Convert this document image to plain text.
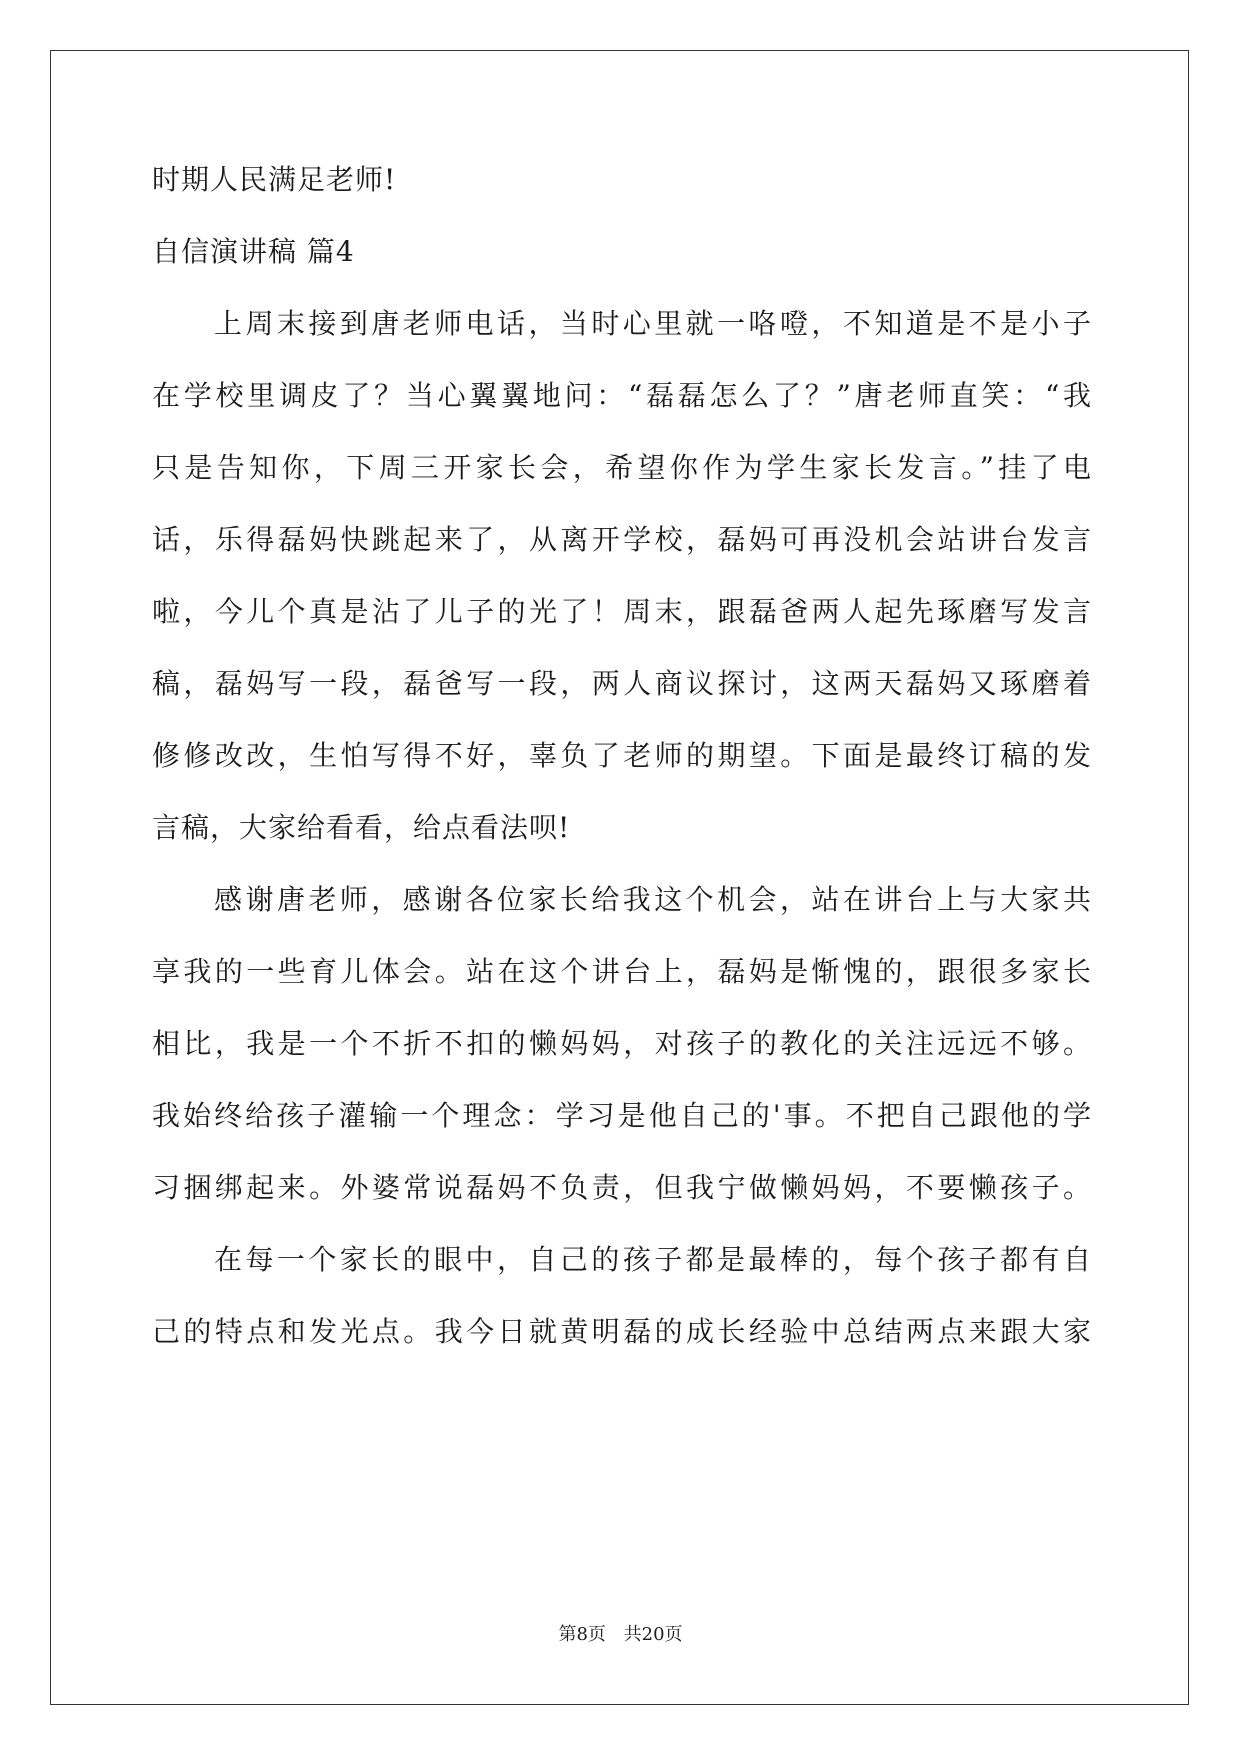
时期人民满足老师!
自信演讲稿 篇4
上周末接到唐老师电话，当时心里就一咯噔，不知道是不是小子
在学校里调皮了？当心翼翼地问：“磊磊怎么了？”唐老师直笑：“我
只是告知你，下周三开家长会，希望你作为学生家长发言。”挂了电
话，乐得磊妈快跳起来了，从离开学校，磊妈可再没机会站讲台发言
啦，今儿个真是沾了儿子的光了！周末，跟磊爸两人起先琢磨写发言
稿，磊妈写一段，磊爸写一段，两人商议探讨，这两天磊妈又琢磨着
修修改改，生怕写得不好，辜负了老师的期望。下面是最终订稿的发
言稿，大家给看看，给点看法呗!
感谢唐老师，感谢各位家长给我这个机会，站在讲台上与大家共
享我的一些育儿体会。站在这个讲台上，磊妈是惭愧的，跟很多家长
相比，我是一个不折不扣的懒妈妈，对孩子的教化的关注远远不够。
我始终给孩子灌输一个理念：学习是他自己的'事。不把自己跟他的学
习捆绑起来。外婆常说磊妈不负责，但我宁做懒妈妈，不要懒孩子。
在每一个家长的眼中，自己的孩子都是最棒的，每个孩子都有自
己的特点和发光点。我今日就黄明磊的成长经验中总结两点来跟大家
第8页 共20页
